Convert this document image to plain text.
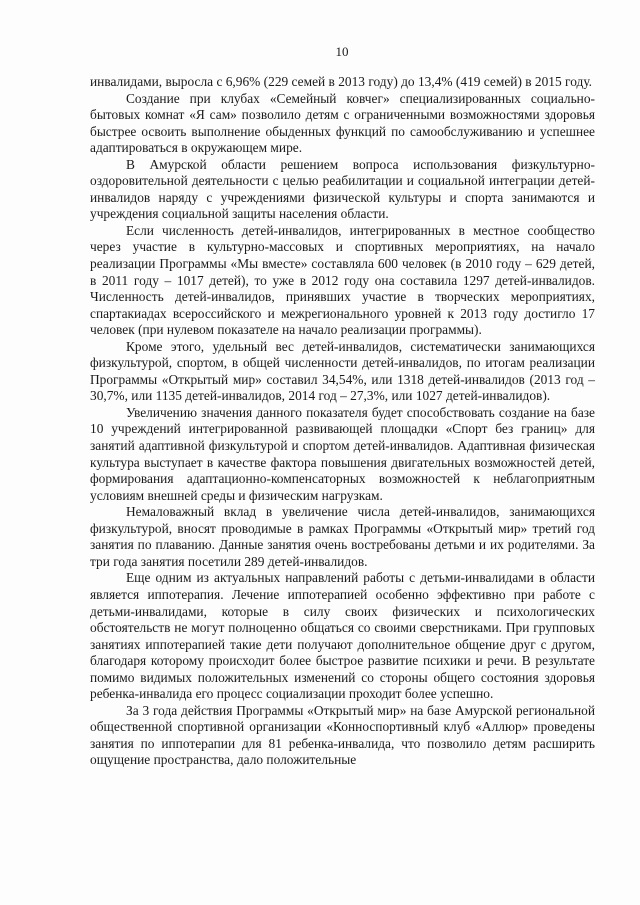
10

инвалидами, выросла с 6,96% (229 семей в 2013 году) до 13,4% (419 семей) в 2015 году.

Создание при клубах «Семейный ковчег» специализированных социально-бытовых комнат «Я сам» позволило детям с ограниченными возможностями здоровья быстрее освоить выполнение обыденных функций по самообслуживанию и успешнее адаптироваться в окружающем мире.

В Амурской области решением вопроса использования физкультурно-оздоровительной деятельности с целью реабилитации и социальной интеграции детей-инвалидов наряду с учреждениями физической культуры и спорта занимаются и учреждения социальной защиты населения области.

Если численность детей-инвалидов, интегрированных в местное сообщество через участие в культурно-массовых и спортивных мероприятиях, на начало реализации Программы «Мы вместе» составляла 600 человек (в 2010 году – 629 детей, в 2011 году – 1017 детей), то уже в 2012 году она составила 1297 детей-инвалидов. Численность детей-инвалидов, принявших участие в творческих мероприятиях, спартакиадах всероссийского и межрегионального уровней к 2013 году достигло 17 человек (при нулевом показателе на начало реализации программы).

Кроме этого, удельный вес детей-инвалидов, систематически занимающихся физкультурой, спортом, в общей численности детей-инвалидов, по итогам реализации Программы «Открытый мир» составил 34,54%, или 1318 детей-инвалидов (2013 год – 30,7%, или 1135 детей-инвалидов, 2014 год – 27,3%, или 1027 детей-инвалидов).

Увеличению значения данного показателя будет способствовать создание на базе 10 учреждений интегрированной развивающей площадки «Спорт без границ» для занятий адаптивной физкультурой и спортом детей-инвалидов. Адаптивная физическая культура выступает в качестве фактора повышения двигательных возможностей детей, формирования адаптационно-компенсаторных возможностей к неблагоприятным условиям внешней среды и физическим нагрузкам.

Немаловажный вклад в увеличение числа детей-инвалидов, занимающихся физкультурой, вносят проводимые в рамках Программы «Открытый мир» третий год занятия по плаванию. Данные занятия очень востребованы детьми и их родителями. За три года занятия посетили 289 детей-инвалидов.

Еще одним из актуальных направлений работы с детьми-инвалидами в области является иппотерапия. Лечение иппотерапией особенно эффективно при работе с детьми-инвалидами, которые в силу своих физических и психологических обстоятельств не могут полноценно общаться со своими сверстниками. При групповых занятиях иппотерапией такие дети получают дополнительное общение друг с другом, благодаря которому происходит более быстрое развитие психики и речи. В результате помимо видимых положительных изменений со стороны общего состояния здоровья ребенка-инвалида его процесс социализации проходит более успешно.

За 3 года действия Программы «Открытый мир» на базе Амурской региональной общественной спортивной организации «Конноспортивный клуб «Аллюр» проведены занятия по иппотерапии для 81 ребенка-инвалида, что позволило детям расширить ощущение пространства, дало положительные
